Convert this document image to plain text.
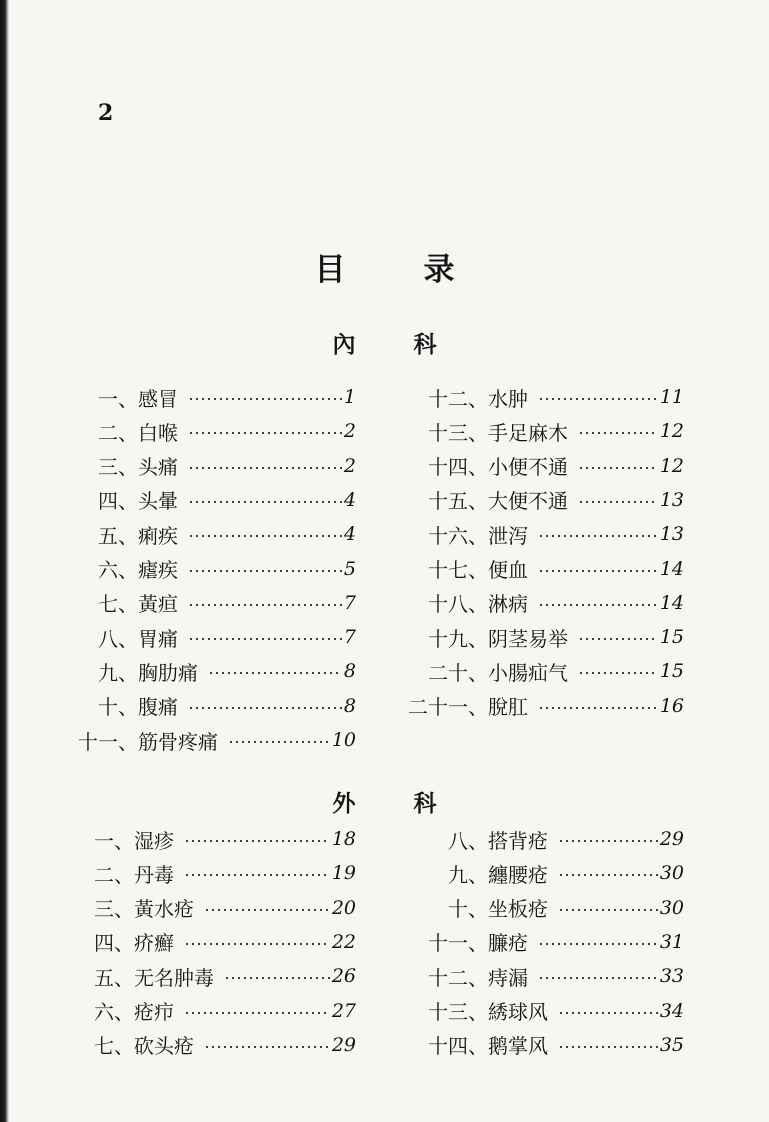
2
目	录
內	科
外	科
一、 感冒	1
二、 白喉	2
三、 头痛	2
四、 头暈	4
五、 痢疾	4
六、 瘧疾	5
七、 黃疸	7
八、 胃痛	7
九、 胸肋痛	8
十、 腹痛	8
十一、 筋骨疼痛	10
十二、 水肿	11
十三、 手足麻木	12
十四、 小便不通	12
十五、 大便不通	13
十六、 泄泻	13
十七、 便血	14
十八、 淋病	14
十九、 阴茎易举	15
二十、 小腸疝气	15
二十一、 脫肛	16
一、 湿疹	18
二、 丹毒	19
三、 黃水疮	20
四、 疥癬	22
五、 无名肿毒	26
六、 疮疖	27
七、 砍头疮	29
八、 搭背疮	29
九、 纏腰疮	30
十、 坐板疮	30
十一、 臁疮	31
十二、 痔漏	33
十三、 綉球风	34
十四、 鹅掌风	35
